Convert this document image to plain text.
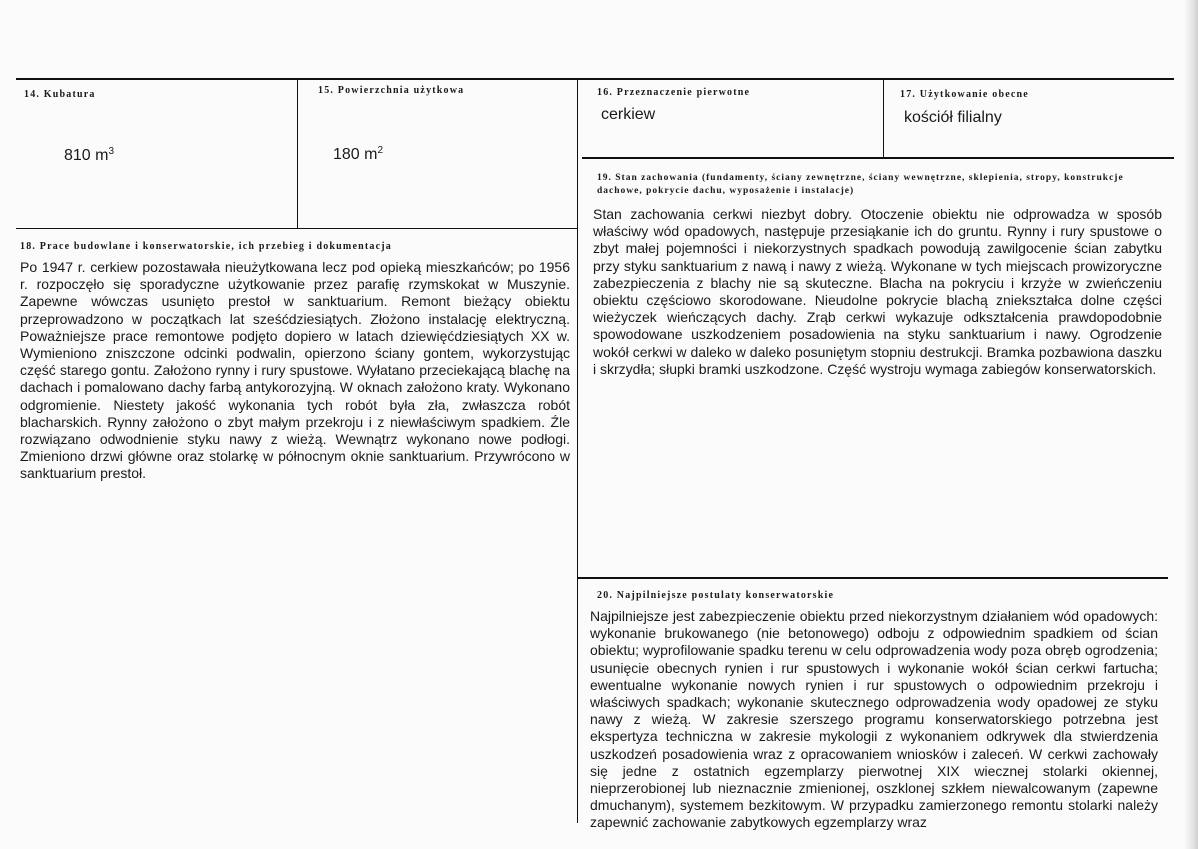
14. Kubatura

810 $m^3$

15. Powierzchnia użytkowa

180 $m^2$

16. Przeznaczenie pierwotne

cerkiew

17. Użytkowanie obecne

kościół filialny

18. Prace budowlane i konserwatorskie, ich przebieg i dokumentacja

Po 1947 r. cerkiew pozostawała nieużytkowana lecz pod opieką mieszkańców; po 1956 r. rozpoczęło się sporadyczne użytkowanie przez parafię rzymskokat w Muszynie. Zapewne wówczas usunięto prestoł w sanktuarium. Remont bieżący obiektu przeprowadzono w początkach lat sześćdziesiątych. Złożono instalację elektryczną. Poważniejsze prace remontowe podjęto dopiero w latach dziewięćdziesiątych XX w. Wymieniono zniszczone odcinki podwalin, opierzono ściany gontem, wykorzystując część starego gontu. Założono rynny i rury spustowe. Wyłatano przeciekającą blachę na dachach i pomalowano dachy farbą antykorozyjną. W oknach założono kraty. Wykonano odgromienie. Niestety jakość wykonania tych robót była zła, zwłaszcza robót blacharskich. Rynny założono o zbyt małym przekroju i z niewłaściwym spadkiem. Źle rozwiązano odwodnienie styku nawy z wieżą. Wewnątrz wykonano nowe podłogi. Zmieniono drzwi główne oraz stolarkę w północnym oknie sanktuarium. Przywrócono w sanktuarium prestoł.

19. Stan zachowania (fundamenty, ściany zewnętrzne, ściany wewnętrzne, sklepienia, stropy, konstrukcje dachowe, pokrycie dachu, wyposażenie i instalacje)

Stan zachowania cerkwi niezbyt dobry. Otoczenie obiektu nie odprowadza w sposób właściwy wód opadowych, następuje przesiąkanie ich do gruntu. Rynny i rury spustowe o zbyt małej pojemności i niekorzystnych spadkach powodują zawilgocenie ścian zabytku przy styku sanktuarium z nawą i nawy z wieżą. Wykonane w tych miejscach prowizoryczne zabezpieczenia z blachy nie są skuteczne. Blacha na pokryciu i krzyże w zwieńczeniu obiektu częściowo skorodowane. Nieudolne pokrycie blachą zniekształca dolne części wieżyczek wieńczących dachy. Zrąb cerkwi wykazuje odkształcenia prawdopodobnie spowodowane uszkodzeniem posadowienia na styku sanktuarium i nawy. Ogrodzenie wokół cerkwi w daleko w daleko posuniętym stopniu destrukcji. Bramka pozbawiona daszku i skrzydła; słupki bramki uszkodzone. Część wystroju wymaga zabiegów konserwatorskich.

20. Najpilniejsze postulaty konserwatorskie

Najpilniejsze jest zabezpieczenie obiektu przed niekorzystnym działaniem wód opadowych: wykonanie brukowanego (nie betonowego) odboju z odpowiednim spadkiem od ścian obiektu; wyprofilowanie spadku terenu w celu odprowadzenia wody poza obręb ogrodzenia; usunięcie obecnych rynien i rur spustowych i wykonanie wokół ścian cerkwi fartucha; ewentualne wykonanie nowych rynien i rur spustowych o odpowiednim przekroju i właściwych spadkach; wykonanie skutecznego odprowadzenia wody opadowej ze styku nawy z wieżą. W zakresie szerszego programu konserwatorskiego potrzebna jest ekspertyza techniczna w zakresie mykologii z wykonaniem odkrywek dla stwierdzenia uszkodzeń posadowienia wraz z opracowaniem wniosków i zaleceń. W cerkwi zachowały się jedne z ostatnich egzemplarzy pierwotnej XIX wiecznej stolarki okiennej, nieprzerobionej lub nieznacznie zmienionej, oszklonej szkłem niewalcowanym (zapewne dmuchanym), systemem bezkitowym. W przypadku zamierzonego remontu stolarki należy zapewnić zachowanie zabytkowych egzemplarzy wraz
